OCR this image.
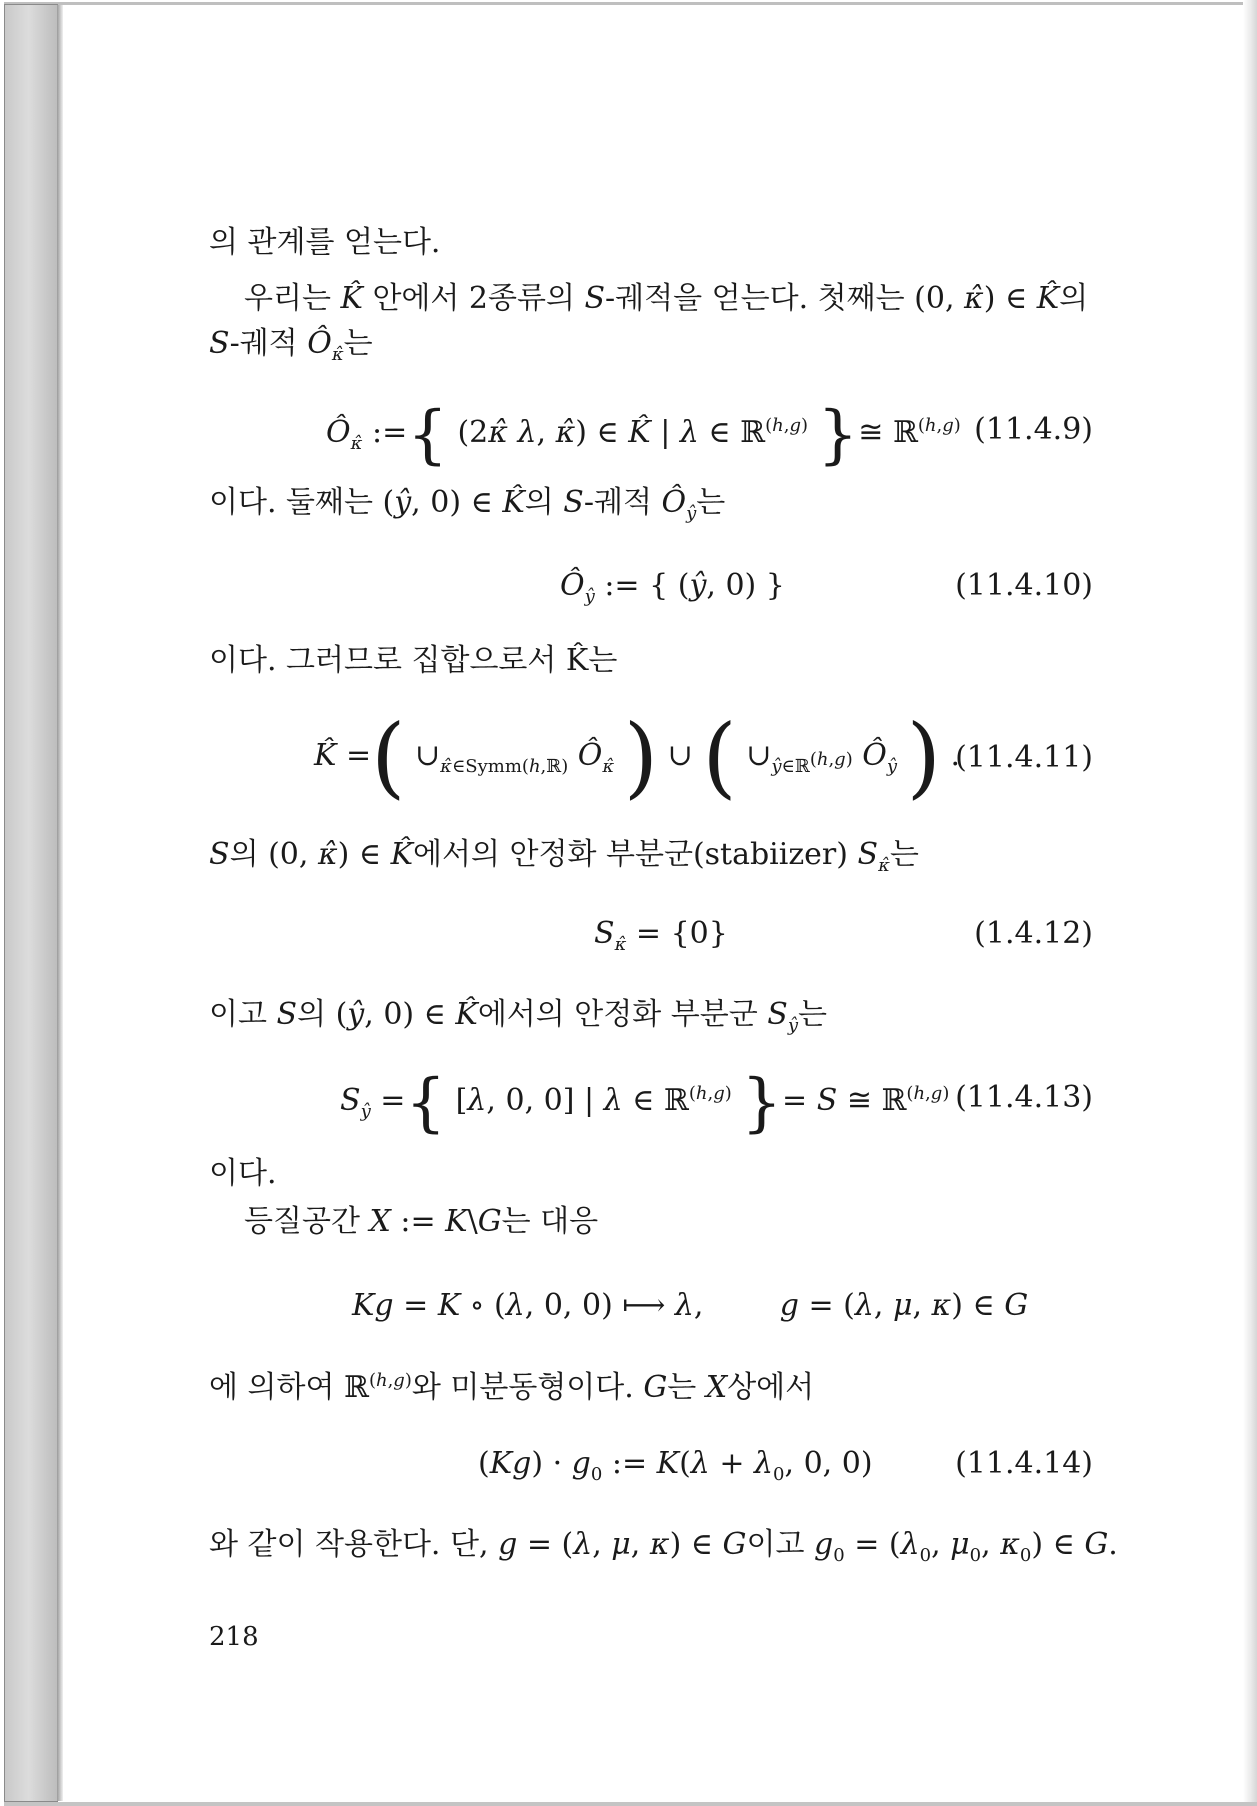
의 관계를 얻는다.
우리는 K̂ 안에서 2종류의 S-궤적을 얻는다. 첫째는 (0, κ̂) ∈ K̂의
S-궤적 $Ô_{\kappâ}$는
$Ô_{\kappâ}$ :={ (2κ̂ λ, κ̂) ∈ K̂ | λ ∈ ℝ$^{(h,g)}$ }≅ ℝ$^{(h,g)}$ (11.4.9)
이다. 둘째는 (ŷ, 0) ∈ K̂의 S-궤적 $Ô_ŷ$는
$Ô_ŷ$ := { (ŷ, 0) }	(11.4.10)
이다. 그러므로 집합으로서 K̂는
K̂ =( $\cup_{\kappâ\in Symm(h,ℝ)}$ $Ô_{\kappâ}$ ) ∪ ( $\cup_{ŷ\in ℝ^{(h,g)}}$ $Ô_ŷ$ ) .
(11.4.11)
S의 (0, κ̂) ∈ K̂에서의 안정화 부분군(stabiizer) $S_{\kappâ}$는
$S_{\kappâ} = \{0\}$	(1.4.12)
이고 S의 (ŷ, 0) ∈ K̂에서의 안정화 부분군 $S_ŷ$는
$S_ŷ$ ={ [λ, 0, 0] | λ ∈ ℝ$^{(h,g)}$ }= S ≅ ℝ$^{(h,g)}$ (11.4.13)
이다.
등질공간 X := K\G는 대응
Kg = K ∘ (λ, 0, 0) ⟼ λ,        g = (λ, μ, κ) ∈ G
에 의하여 ℝ$^{(h,g)}$와 미분동형이다. G는 X상에서
$(Kg) \cdot g_0$ := $K(\lambda + \lambda_0$, 0, 0)	(11.4.14)
와 같이 작용한다. 단, g = (λ, μ, κ) ∈ G이고 $g_0 = (\lambda_0$, $\mu_0$, $\kappa_0$) ∈ G.
218
